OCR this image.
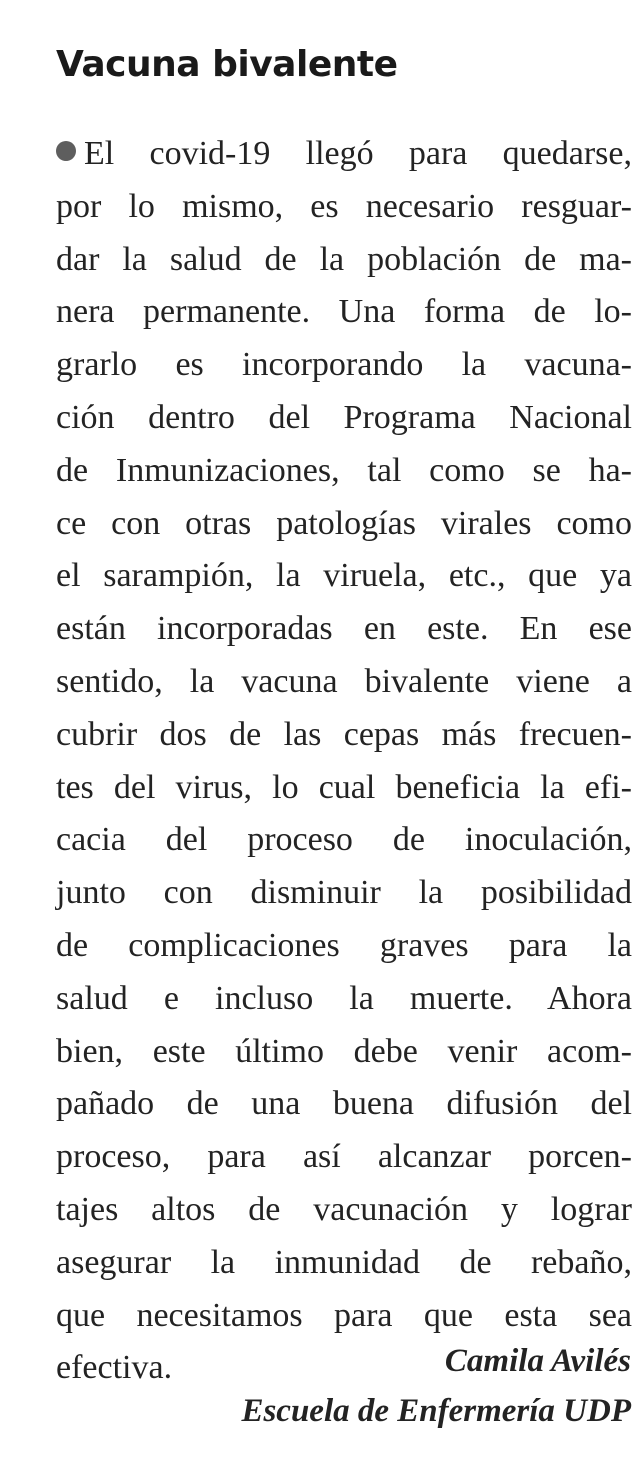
Vacuna bivalente
El covid-19 llegó para quedarse,
por lo mismo, es necesario resguar-
dar la salud de la población de ma-
nera permanente. Una forma de lo-
grarlo es incorporando la vacuna-
ción dentro del Programa Nacional
de Inmunizaciones, tal como se ha-
ce con otras patologías virales como
el sarampión, la viruela, etc., que ya
están incorporadas en este. En ese
sentido, la vacuna bivalente viene a
cubrir dos de las cepas más frecuen-
tes del virus, lo cual beneficia la efi-
cacia del proceso de inoculación,
junto con disminuir la posibilidad
de complicaciones graves para la
salud e incluso la muerte. Ahora
bien, este último debe venir acom-
pañado de una buena difusión del
proceso, para así alcanzar porcen-
tajes altos de vacunación y lograr
asegurar la inmunidad de rebaño,
que necesitamos para que esta sea
efectiva.	Camila Avilés
Escuela de Enfermería UDP
